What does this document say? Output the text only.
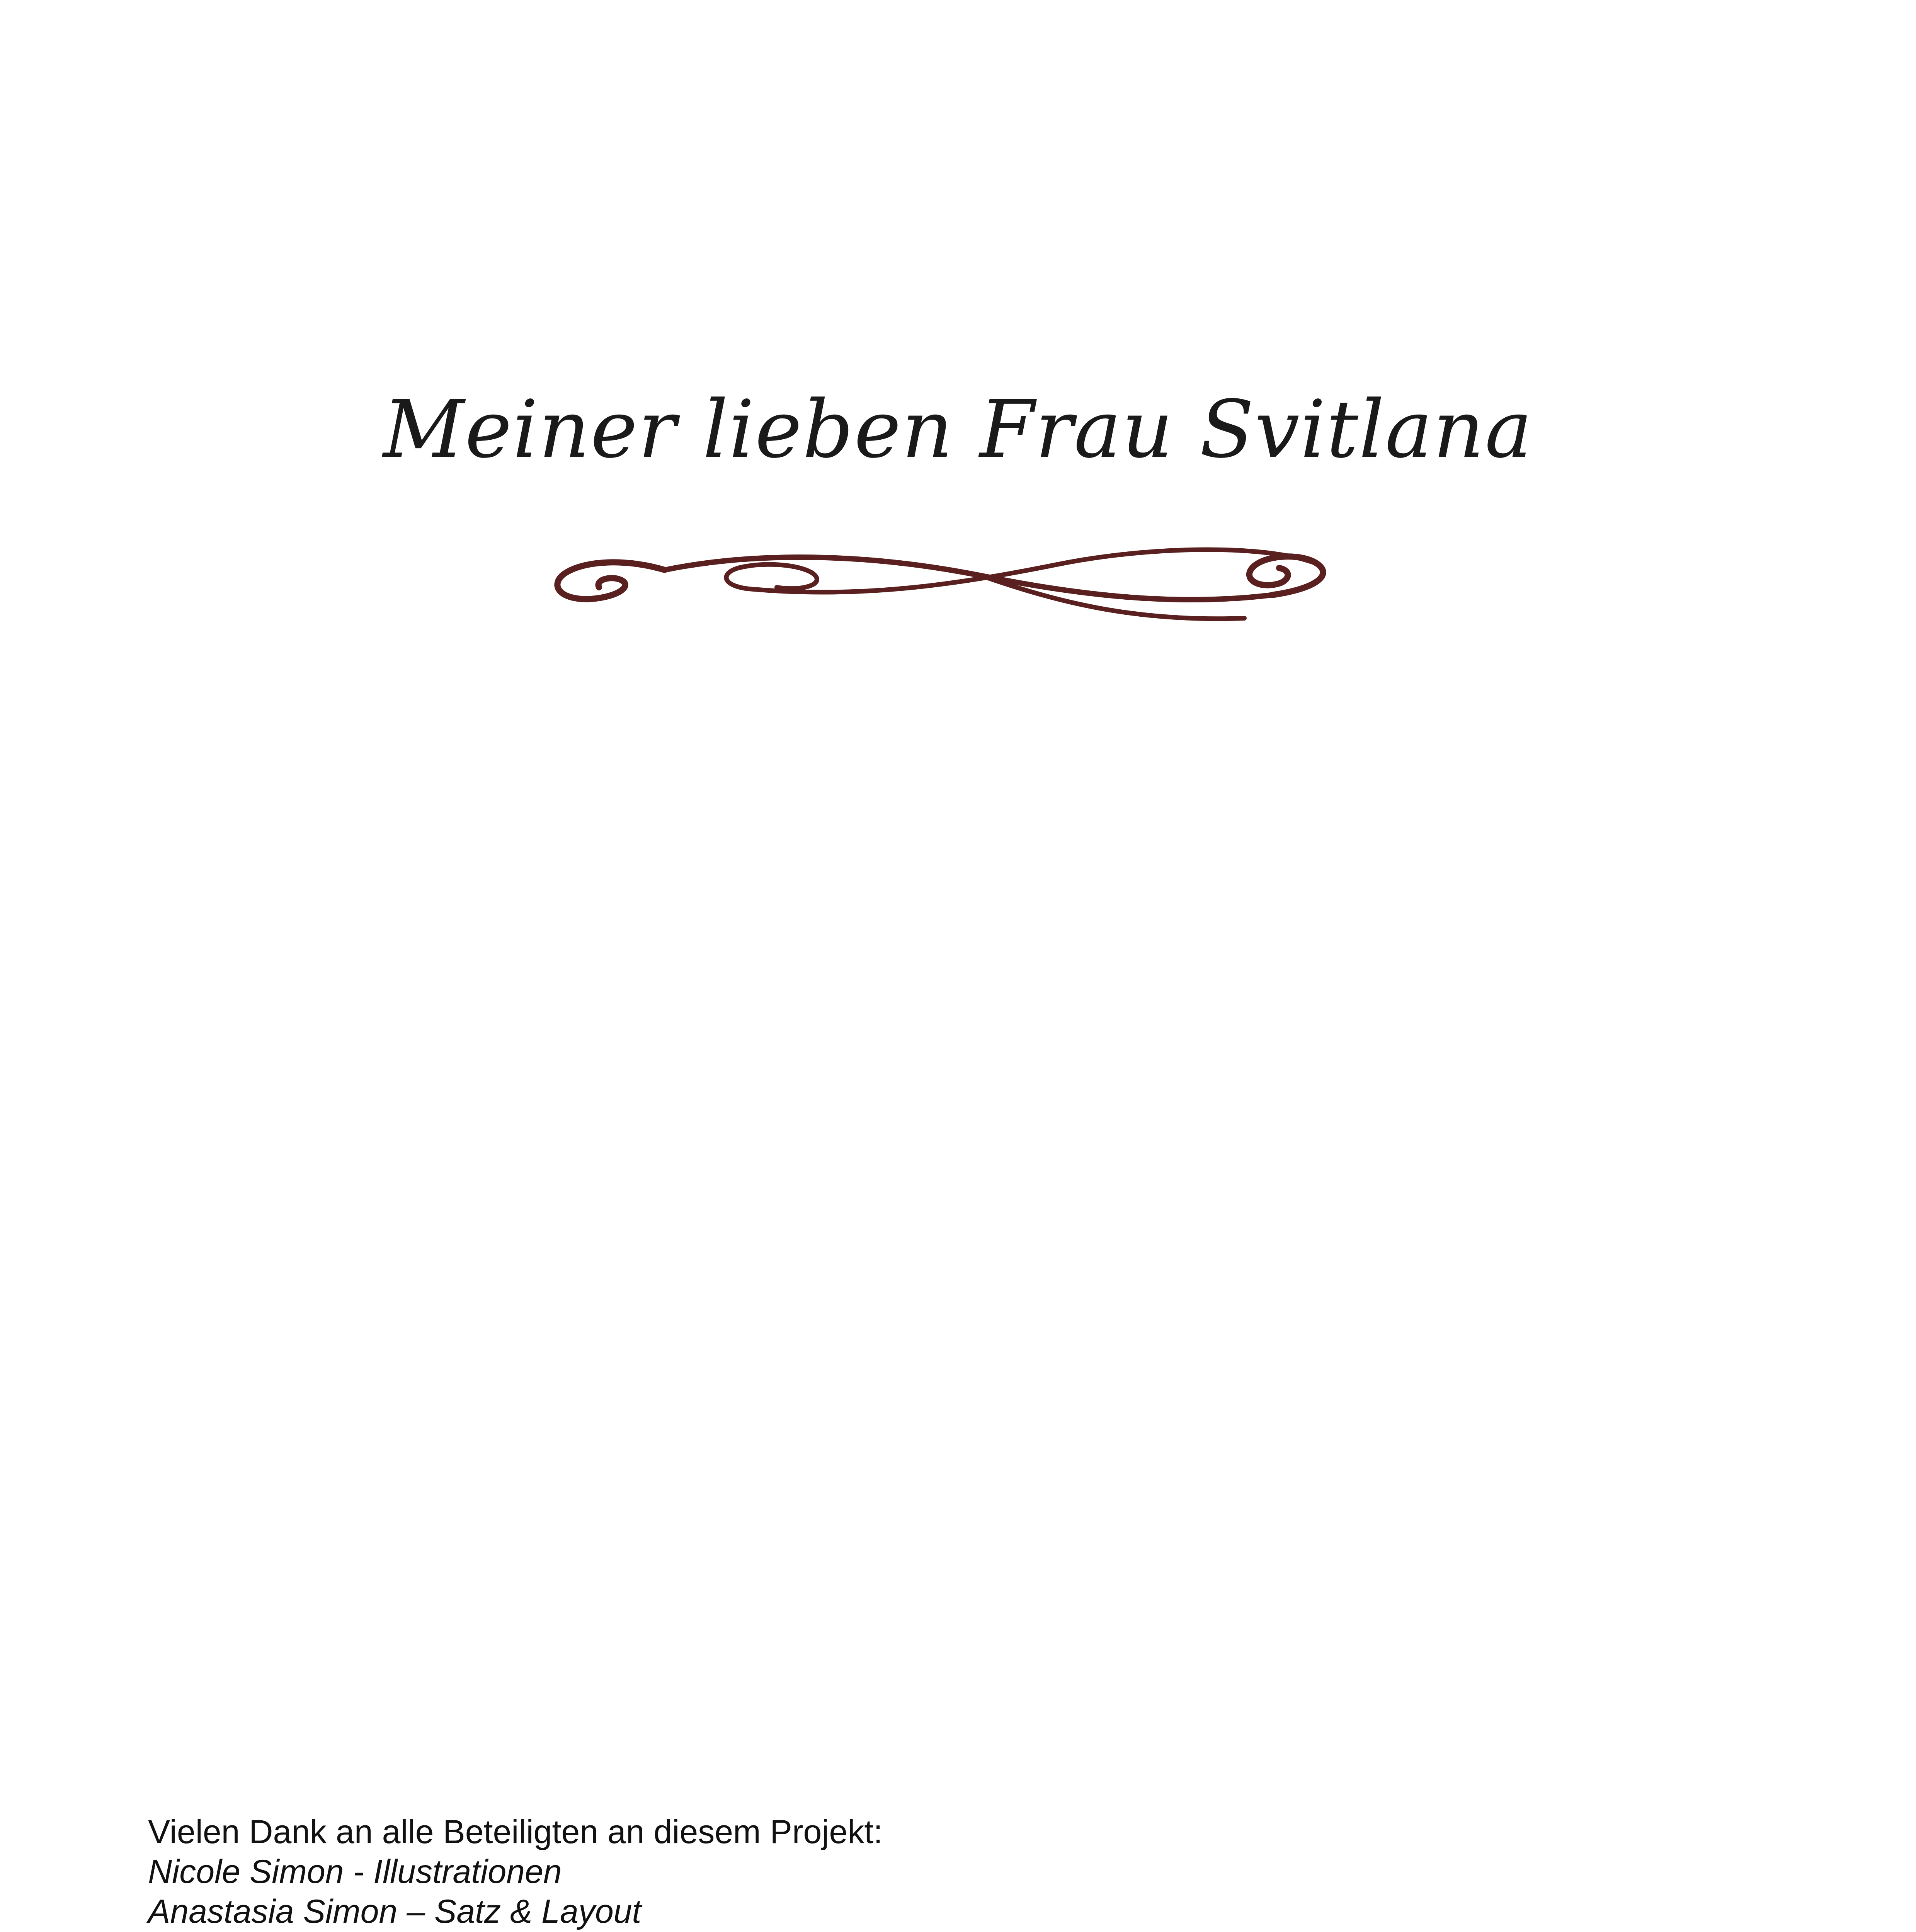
Meiner lieben Frau Svitlana
Vielen Dank an alle Beteiligten an diesem Projekt:
Nicole Simon - Illustrationen
Anastasia Simon – Satz & Layout
